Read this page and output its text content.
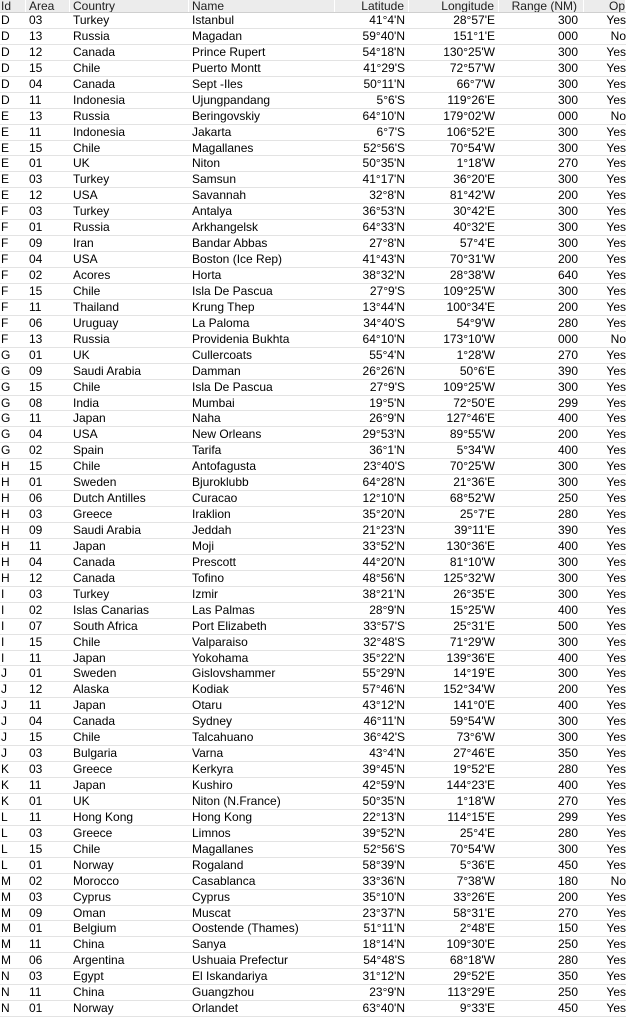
Id	Area	Country	Name	Latitude	Longitude	Range (NM)	Op
D	03	Turkey	Istanbul	41°4'N	28°57'E	300	Yes
D	13	Russia	Magadan	59°40'N	151°1'E	000	No
D	12	Canada	Prince Rupert	54°18'N	130°25'W	300	Yes
D	15	Chile	Puerto Montt	41°29'S	72°57'W	300	Yes
D	04	Canada	Sept -Iles	50°11'N	66°7'W	300	Yes
D	11	Indonesia	Ujungpandang	5°6'S	119°26'E	300	Yes
E	13	Russia	Beringovskiy	64°10'N	179°02'W	000	No
E	11	Indonesia	Jakarta	6°7'S	106°52'E	300	Yes
E	15	Chile	Magallanes	52°56'S	70°54'W	300	Yes
E	01	UK	Niton	50°35'N	1°18'W	270	Yes
E	03	Turkey	Samsun	41°17'N	36°20'E	300	Yes
E	12	USA	Savannah	32°8'N	81°42'W	200	Yes
F	03	Turkey	Antalya	36°53'N	30°42'E	300	Yes
F	01	Russia	Arkhangelsk	64°33'N	40°32'E	300	Yes
F	09	Iran	Bandar Abbas	27°8'N	57°4'E	300	Yes
F	04	USA	Boston (Ice Rep)	41°43'N	70°31'W	200	Yes
F	02	Acores	Horta	38°32'N	28°38'W	640	Yes
F	15	Chile	Isla De Pascua	27°9'S	109°25'W	300	Yes
F	11	Thailand	Krung Thep	13°44'N	100°34'E	200	Yes
F	06	Uruguay	La Paloma	34°40'S	54°9'W	280	Yes
F	13	Russia	Providenia Bukhta	64°10'N	173°10'W	000	No
G	01	UK	Cullercoats	55°4'N	1°28'W	270	Yes
G	09	Saudi Arabia	Damman	26°26'N	50°6'E	390	Yes
G	15	Chile	Isla De Pascua	27°9'S	109°25'W	300	Yes
G	08	India	Mumbai	19°5'N	72°50'E	299	Yes
G	11	Japan	Naha	26°9'N	127°46'E	400	Yes
G	04	USA	New Orleans	29°53'N	89°55'W	200	Yes
G	02	Spain	Tarifa	36°1'N	5°34'W	400	Yes
H	15	Chile	Antofagusta	23°40'S	70°25'W	300	Yes
H	01	Sweden	Bjuroklubb	64°28'N	21°36'E	300	Yes
H	06	Dutch Antilles	Curacao	12°10'N	68°52'W	250	Yes
H	03	Greece	Iraklion	35°20'N	25°7'E	280	Yes
H	09	Saudi Arabia	Jeddah	21°23'N	39°11'E	390	Yes
H	11	Japan	Moji	33°52'N	130°36'E	400	Yes
H	04	Canada	Prescott	44°20'N	81°10'W	300	Yes
H	12	Canada	Tofino	48°56'N	125°32'W	300	Yes
I	03	Turkey	Izmir	38°21'N	26°35'E	300	Yes
I	02	Islas Canarias	Las Palmas	28°9'N	15°25'W	400	Yes
I	07	South Africa	Port Elizabeth	33°57'S	25°31'E	500	Yes
I	15	Chile	Valparaiso	32°48'S	71°29'W	300	Yes
I	11	Japan	Yokohama	35°22'N	139°36'E	400	Yes
J	01	Sweden	Gislovshammer	55°29'N	14°19'E	300	Yes
J	12	Alaska	Kodiak	57°46'N	152°34'W	200	Yes
J	11	Japan	Otaru	43°12'N	141°0'E	400	Yes
J	04	Canada	Sydney	46°11'N	59°54'W	300	Yes
J	15	Chile	Talcahuano	36°42'S	73°6'W	300	Yes
J	03	Bulgaria	Varna	43°4'N	27°46'E	350	Yes
K	03	Greece	Kerkyra	39°45'N	19°52'E	280	Yes
K	11	Japan	Kushiro	42°59'N	144°23'E	400	Yes
K	01	UK	Niton (N.France)	50°35'N	1°18'W	270	Yes
L	11	Hong Kong	Hong Kong	22°13'N	114°15'E	299	Yes
L	03	Greece	Limnos	39°52'N	25°4'E	280	Yes
L	15	Chile	Magallanes	52°56'S	70°54'W	300	Yes
L	01	Norway	Rogaland	58°39'N	5°36'E	450	Yes
M	02	Morocco	Casablanca	33°36'N	7°38'W	180	No
M	03	Cyprus	Cyprus	35°10'N	33°26'E	200	Yes
M	09	Oman	Muscat	23°37'N	58°31'E	270	Yes
M	01	Belgium	Oostende (Thames)	51°11'N	2°48'E	150	Yes
M	11	China	Sanya	18°14'N	109°30'E	250	Yes
M	06	Argentina	Ushuaia Prefectur	54°48'S	68°18'W	280	Yes
N	03	Egypt	El Iskandariya	31°12'N	29°52'E	350	Yes
N	11	China	Guangzhou	23°9'N	113°29'E	250	Yes
N	01	Norway	Orlandet	63°40'N	9°33'E	450	Yes
